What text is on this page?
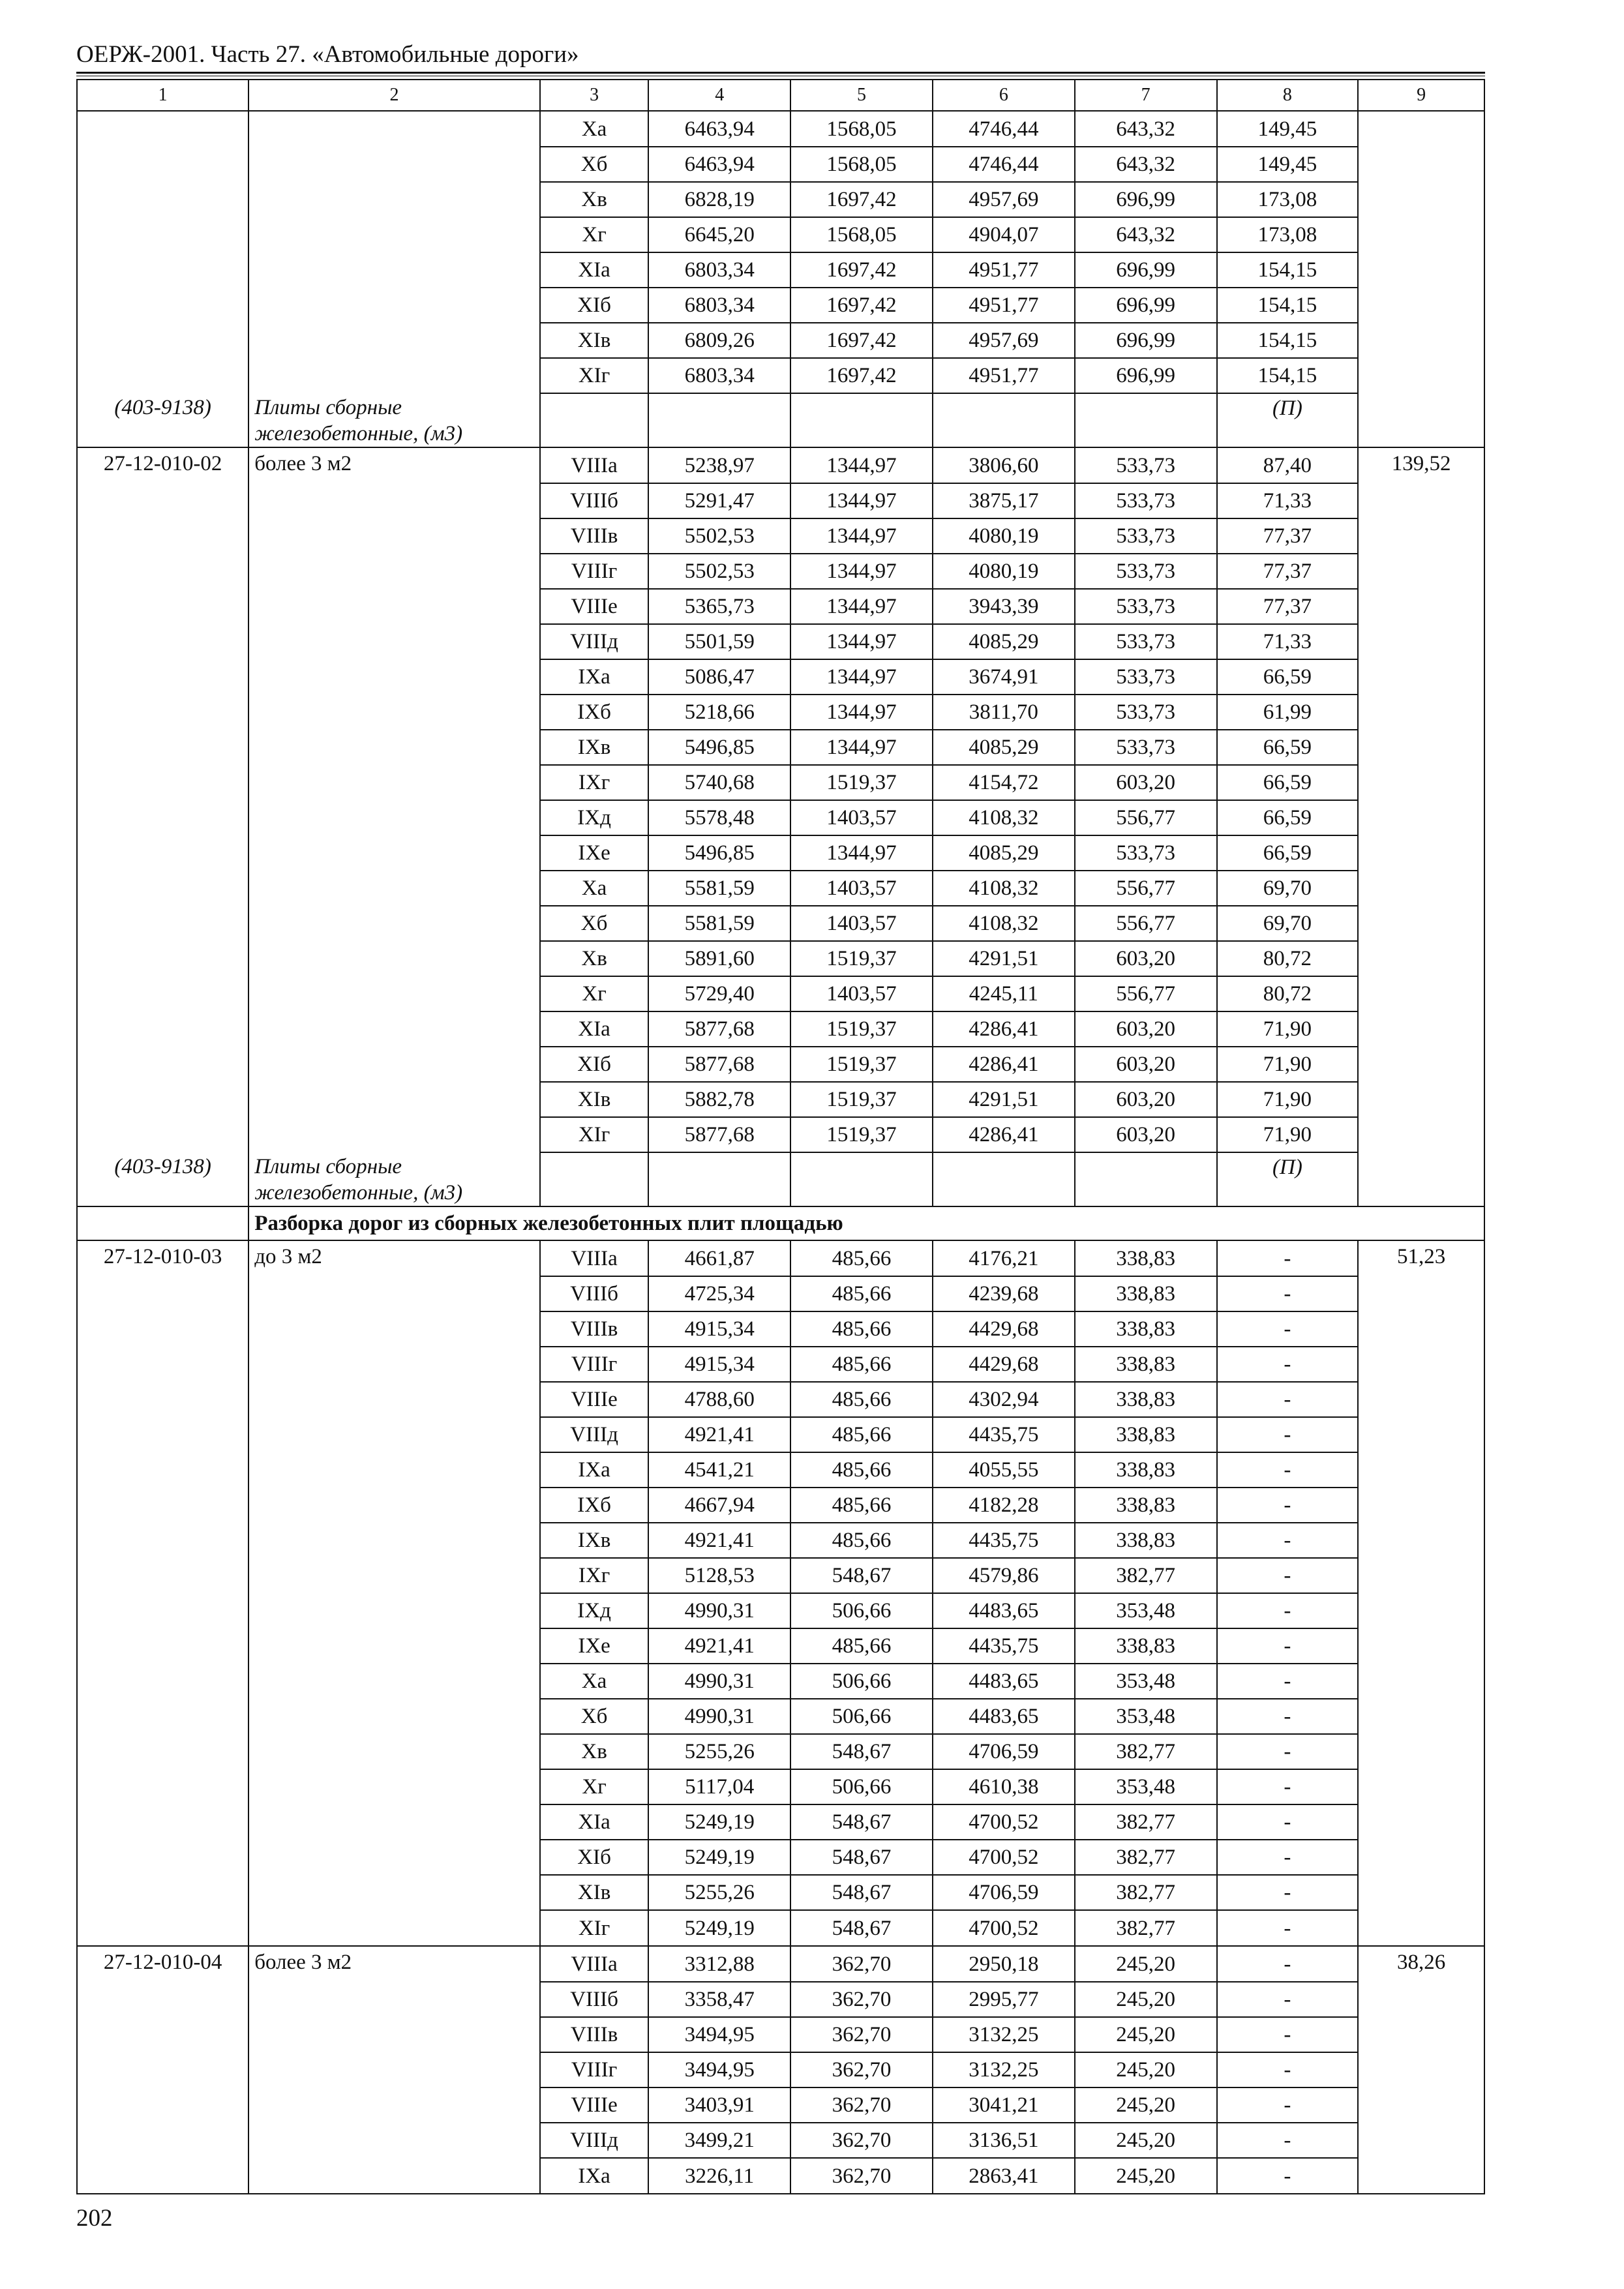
ОЕРЖ-2001. Часть 27. «Автомобильные дороги»
1	2	3	4	5	6	7	8	9
		Xa	6463,94	1568,05	4746,44	643,32	149,45	
		Xб	6463,94	1568,05	4746,44	643,32	149,45	
		Xв	6828,19	1697,42	4957,69	696,99	173,08	
		Xг	6645,20	1568,05	4904,07	643,32	173,08	
		XIa	6803,34	1697,42	4951,77	696,99	154,15	
		XIб	6803,34	1697,42	4951,77	696,99	154,15	
		XIв	6809,26	1697,42	4957,69	696,99	154,15	
		XIг	6803,34	1697,42	4951,77	696,99	154,15	
(403-9138)	Плиты сборные железобетонные, (м3)						(П)	
27-12-010-02	более 3 м2	VIIIa	5238,97	1344,97	3806,60	533,73	87,40	139,52
		VIIIб	5291,47	1344,97	3875,17	533,73	71,33	
		VIIIв	5502,53	1344,97	4080,19	533,73	77,37	
		VIIIг	5502,53	1344,97	4080,19	533,73	77,37	
		VIIIe	5365,73	1344,97	3943,39	533,73	77,37	
		VIIIд	5501,59	1344,97	4085,29	533,73	71,33	
		IXa	5086,47	1344,97	3674,91	533,73	66,59	
		IXб	5218,66	1344,97	3811,70	533,73	61,99	
		IXв	5496,85	1344,97	4085,29	533,73	66,59	
		IXг	5740,68	1519,37	4154,72	603,20	66,59	
		IXд	5578,48	1403,57	4108,32	556,77	66,59	
		IXe	5496,85	1344,97	4085,29	533,73	66,59	
		Xa	5581,59	1403,57	4108,32	556,77	69,70	
		Xб	5581,59	1403,57	4108,32	556,77	69,70	
		Xв	5891,60	1519,37	4291,51	603,20	80,72	
		Xг	5729,40	1403,57	4245,11	556,77	80,72	
		XIa	5877,68	1519,37	4286,41	603,20	71,90	
		XIб	5877,68	1519,37	4286,41	603,20	71,90	
		XIв	5882,78	1519,37	4291,51	603,20	71,90	
		XIг	5877,68	1519,37	4286,41	603,20	71,90	
(403-9138)	Плиты сборные железобетонные, (м3)						(П)	
	Разборка дорог из сборных железобетонных плит площадью							
27-12-010-03	до 3 м2	VIIIa	4661,87	485,66	4176,21	338,83	-	51,23
		VIIIб	4725,34	485,66	4239,68	338,83	-	
		VIIIв	4915,34	485,66	4429,68	338,83	-	
		VIIIг	4915,34	485,66	4429,68	338,83	-	
		VIIIe	4788,60	485,66	4302,94	338,83	-	
		VIIIд	4921,41	485,66	4435,75	338,83	-	
		IXa	4541,21	485,66	4055,55	338,83	-	
		IXб	4667,94	485,66	4182,28	338,83	-	
		IXв	4921,41	485,66	4435,75	338,83	-	
		IXг	5128,53	548,67	4579,86	382,77	-	
		IXд	4990,31	506,66	4483,65	353,48	-	
		IXe	4921,41	485,66	4435,75	338,83	-	
		Xa	4990,31	506,66	4483,65	353,48	-	
		Xб	4990,31	506,66	4483,65	353,48	-	
		Xв	5255,26	548,67	4706,59	382,77	-	
		Xг	5117,04	506,66	4610,38	353,48	-	
		XIa	5249,19	548,67	4700,52	382,77	-	
		XIб	5249,19	548,67	4700,52	382,77	-	
		XIв	5255,26	548,67	4706,59	382,77	-	
		XIг	5249,19	548,67	4700,52	382,77	-	
27-12-010-04	более 3 м2	VIIIa	3312,88	362,70	2950,18	245,20	-	38,26
		VIIIб	3358,47	362,70	2995,77	245,20	-	
		VIIIв	3494,95	362,70	3132,25	245,20	-	
		VIIIг	3494,95	362,70	3132,25	245,20	-	
		VIIIe	3403,91	362,70	3041,21	245,20	-	
		VIIIд	3499,21	362,70	3136,51	245,20	-	
		IXa	3226,11	362,70	2863,41	245,20	-	
202
